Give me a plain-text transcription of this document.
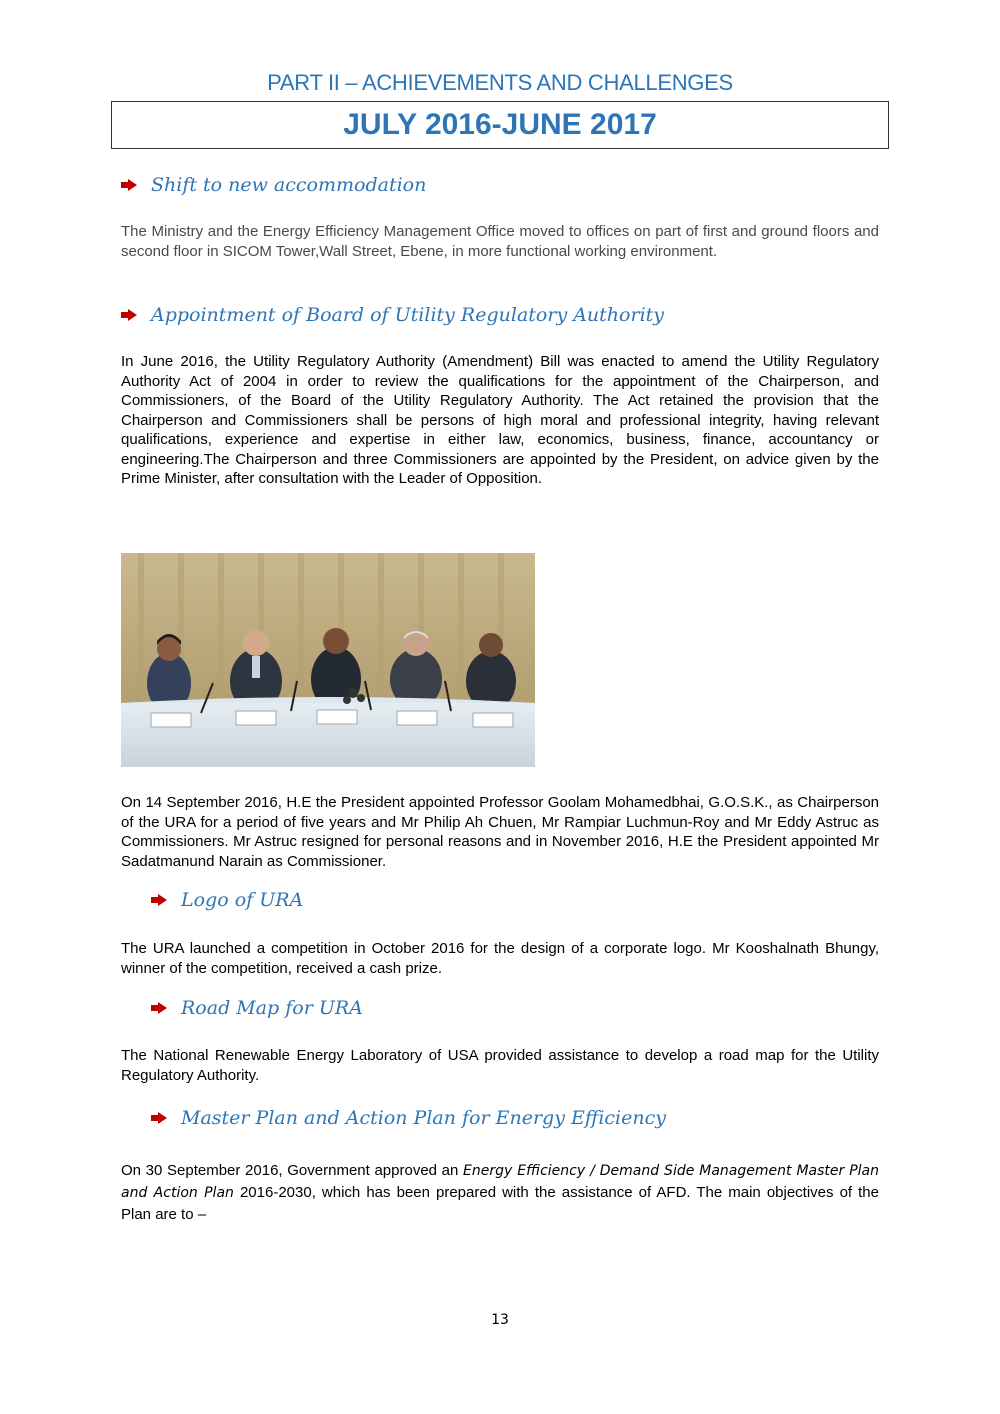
PART II – ACHIEVEMENTS AND CHALLENGES
JULY 2016-JUNE 2017
Shift to new accommodation
The Ministry and the Energy Efficiency Management Office moved to offices on part of first and ground floors and second floor in SICOM Tower,Wall Street, Ebene, in more functional working environment.
Appointment of Board of Utility Regulatory Authority
In June 2016, the Utility Regulatory Authority (Amendment) Bill was enacted to amend the Utility Regulatory Authority Act of 2004 in order to review the qualifications for the appointment of the Chairperson, and Commissioners, of the Board of the Utility Regulatory Authority. The Act retained the provision that the Chairperson and Commissioners shall be persons of high moral and professional integrity, having relevant qualifications, experience and expertise in either law, economics, business, finance, accountancy or engineering.The Chairperson and three Commissioners are appointed by the President, on advice given by the Prime Minister, after consultation with the Leader of Opposition.
On 14 September 2016, H.E the President appointed Professor Goolam Mohamedbhai, G.O.S.K., as Chairperson of the URA for a period of five years and Mr Philip Ah Chuen, Mr Rampiar Luchmun-Roy and Mr Eddy Astruc as Commissioners. Mr Astruc resigned for personal reasons and in November 2016, H.E the President appointed Mr Sadatmanund Narain as Commissioner.
Logo of URA
The URA launched a competition in October 2016 for the design of a corporate logo. Mr Kooshalnath Bhungy, winner of the competition, received a cash prize.
Road Map for URA
The National Renewable Energy Laboratory of USA provided assistance to develop a road map for the Utility Regulatory Authority.
Master Plan and Action Plan for Energy Efficiency
On 30 September 2016, Government approved an Energy Efficiency / Demand Side Management Master Plan and Action Plan 2016-2030, which has been prepared with the assistance of AFD. The main objectives of the Plan are to –
13
